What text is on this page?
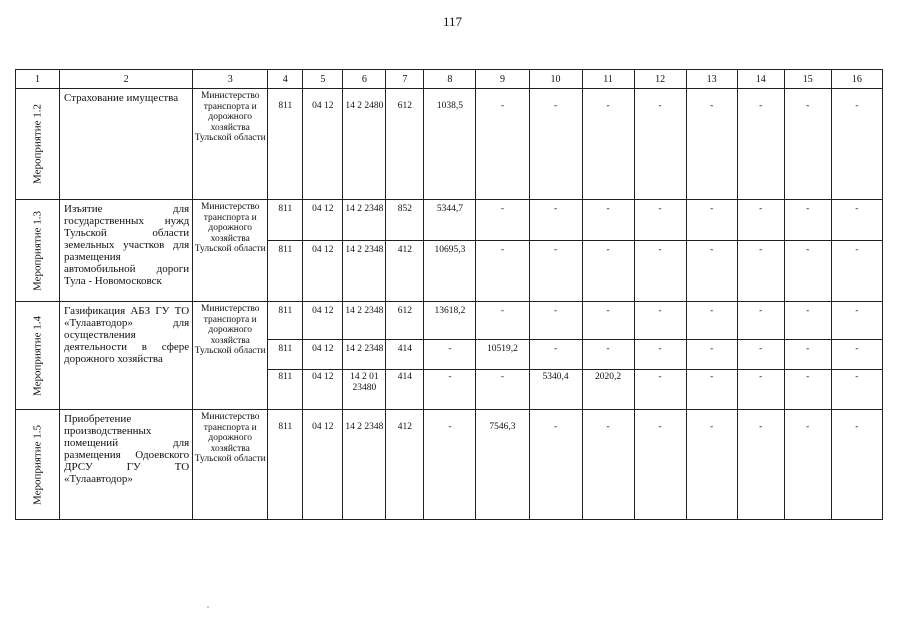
117
1	2	3	4	5	6	7	8	9	10	11	12	13	14	15	16

Мероприятие 1.2	Страхование имущества	Министерство транспорта и дорожного хозяйства Тульской области	811	04 12	14 2 2480	612	1038,5	-	-	-	-	-	-	-	-

Мероприятие 1.3	Изъятие для государственных нужд Тульской области земельных участков для размещения автомобильной дороги Тула - Новомосковск	Министерство транспорта и дорожного хозяйства Тульской области	811	04 12	14 2 2348	852	5344,7	-	-	-	-	-	-	-	-
			811	04 12	14 2 2348	412	10695,3	-	-	-	-	-	-	-	-

Мероприятие 1.4	Газификация АБЗ ГУ ТО «Тулаавтодор» для осуществления деятельности в сфере дорожного хозяйства	Министерство транспорта и дорожного хозяйства Тульской области	811	04 12	14 2 2348	612	13618,2	-	-	-	-	-	-	-	-
			811	04 12	14 2 2348	414	-	10519,2	-	-	-	-	-	-	-
			811	04 12	14 2 01 23480	414	-	-	5340,4	2020,2	-	-	-	-	-

Мероприятие 1.5	Приобретение производственных помещений для размещения Одоевского ДРСУ ГУ ТО «Тулаавтодор»	Министерство транспорта и дорожного хозяйства Тульской области	811	04 12	14 2 2348	412	-	7546,3	-	-	-	-	-	-	-
